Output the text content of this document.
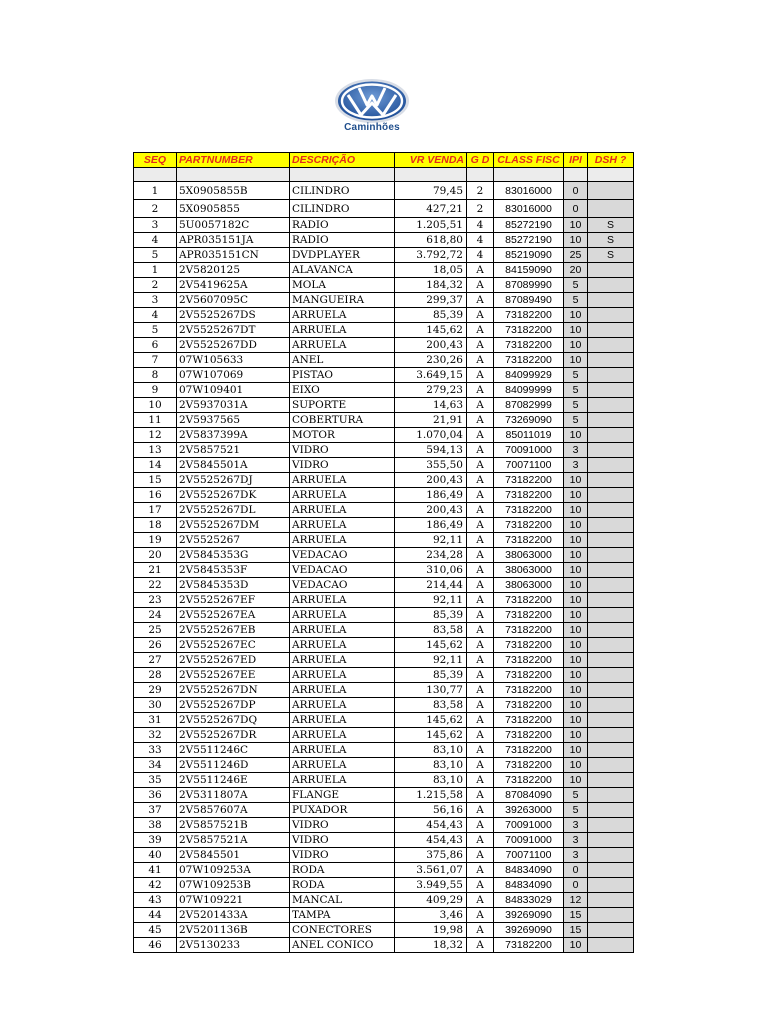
Caminhões
SEQ	PARTNUMBER	DESCRIÇÃO	VR VENDA	G D	CLASS FISC	IPI	DSH ?

1	5X0905855B	CILINDRO	79,45	2	83016000	0	
2	5X0905855	CILINDRO	427,21	2	83016000	0	
3	5U0057182C	RADIO	1.205,51	4	85272190	10	S
4	APR035151JA	RADIO	618,80	4	85272190	10	S
5	APR035151CN	DVDPLAYER	3.792,72	4	85219090	25	S
1	2V5820125	ALAVANCA	18,05	A	84159090	20	
2	2V5419625A	MOLA	184,32	A	87089990	5	
3	2V5607095C	MANGUEIRA	299,37	A	87089490	5	
4	2V5525267DS	ARRUELA	85,39	A	73182200	10	
5	2V5525267DT	ARRUELA	145,62	A	73182200	10	
6	2V5525267DD	ARRUELA	200,43	A	73182200	10	
7	07W105633	ANEL	230,26	A	73182200	10	
8	07W107069	PISTAO	3.649,15	A	84099929	5	
9	07W109401	EIXO	279,23	A	84099999	5	
10	2V5937031A	SUPORTE	14,63	A	87082999	5	
11	2V5937565	COBERTURA	21,91	A	73269090	5	
12	2V5837399A	MOTOR	1.070,04	A	85011019	10	
13	2V5857521	VIDRO	594,13	A	70091000	3	
14	2V5845501A	VIDRO	355,50	A	70071100	3	
15	2V5525267DJ	ARRUELA	200,43	A	73182200	10	
16	2V5525267DK	ARRUELA	186,49	A	73182200	10	
17	2V5525267DL	ARRUELA	200,43	A	73182200	10	
18	2V5525267DM	ARRUELA	186,49	A	73182200	10	
19	2V5525267	ARRUELA	92,11	A	73182200	10	
20	2V5845353G	VEDACAO	234,28	A	38063000	10	
21	2V5845353F	VEDACAO	310,06	A	38063000	10	
22	2V5845353D	VEDACAO	214,44	A	38063000	10	
23	2V5525267EF	ARRUELA	92,11	A	73182200	10	
24	2V5525267EA	ARRUELA	85,39	A	73182200	10	
25	2V5525267EB	ARRUELA	83,58	A	73182200	10	
26	2V5525267EC	ARRUELA	145,62	A	73182200	10	
27	2V5525267ED	ARRUELA	92,11	A	73182200	10	
28	2V5525267EE	ARRUELA	85,39	A	73182200	10	
29	2V5525267DN	ARRUELA	130,77	A	73182200	10	
30	2V5525267DP	ARRUELA	83,58	A	73182200	10	
31	2V5525267DQ	ARRUELA	145,62	A	73182200	10	
32	2V5525267DR	ARRUELA	145,62	A	73182200	10	
33	2V5511246C	ARRUELA	83,10	A	73182200	10	
34	2V5511246D	ARRUELA	83,10	A	73182200	10	
35	2V5511246E	ARRUELA	83,10	A	73182200	10	
36	2V5311807A	FLANGE	1.215,58	A	87084090	5	
37	2V5857607A	PUXADOR	56,16	A	39263000	5	
38	2V5857521B	VIDRO	454,43	A	70091000	3	
39	2V5857521A	VIDRO	454,43	A	70091000	3	
40	2V5845501	VIDRO	375,86	A	70071100	3	
41	07W109253A	RODA	3.561,07	A	84834090	0	
42	07W109253B	RODA	3.949,55	A	84834090	0	
43	07W109221	MANCAL	409,29	A	84833029	12	
44	2V5201433A	TAMPA	3,46	A	39269090	15	
45	2V5201136B	CONECTORES	19,98	A	39269090	15	
46	2V5130233	ANEL CONICO	18,32	A	73182200	10	
